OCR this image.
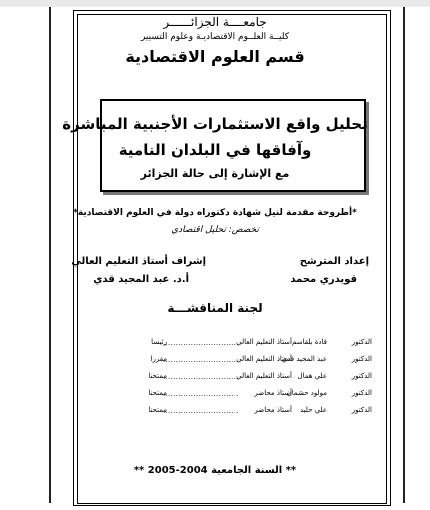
جامعــــة الجزائــــــر
كليــة العلــوم الاقتصاديـة وعلوم التسيير
قسم العلوم الاقتصادية
تحليل واقع الاستثمارات الأجنبية المباشرة
وآفاقها في البلدان النامية
مع الإشارة إلى حالة الجزائر
*أطروحة مقدمة لنيل شهادة دكتوراه دولة في العلوم الاقتصادية*
تخصص: تحليل اقتصادي
إعداد المترشح
قويدري محمد
إشراف أستاذ التعليم العالي
أ.د. عبد المجيد قدي
لجنة المناقشـــة
الدكتور
قادة بلقاسم
..............................
أستاذ التعليم العالي
رئيسا
الدكتور
عبد المجيد قدي
..............................
أستاذ التعليم العالي
مقررا
الدكتور
علي همال
..............................
أستاذ التعليم العالي
ممتحنا
الدكتور
مولود حشمان
.............................. أستاذ محاضر
ممتحنا
الدكتور
علي حليد
.............................. أستاذ محاضر
ممتحنا
** السنة الجامعية 2004-2005 **
